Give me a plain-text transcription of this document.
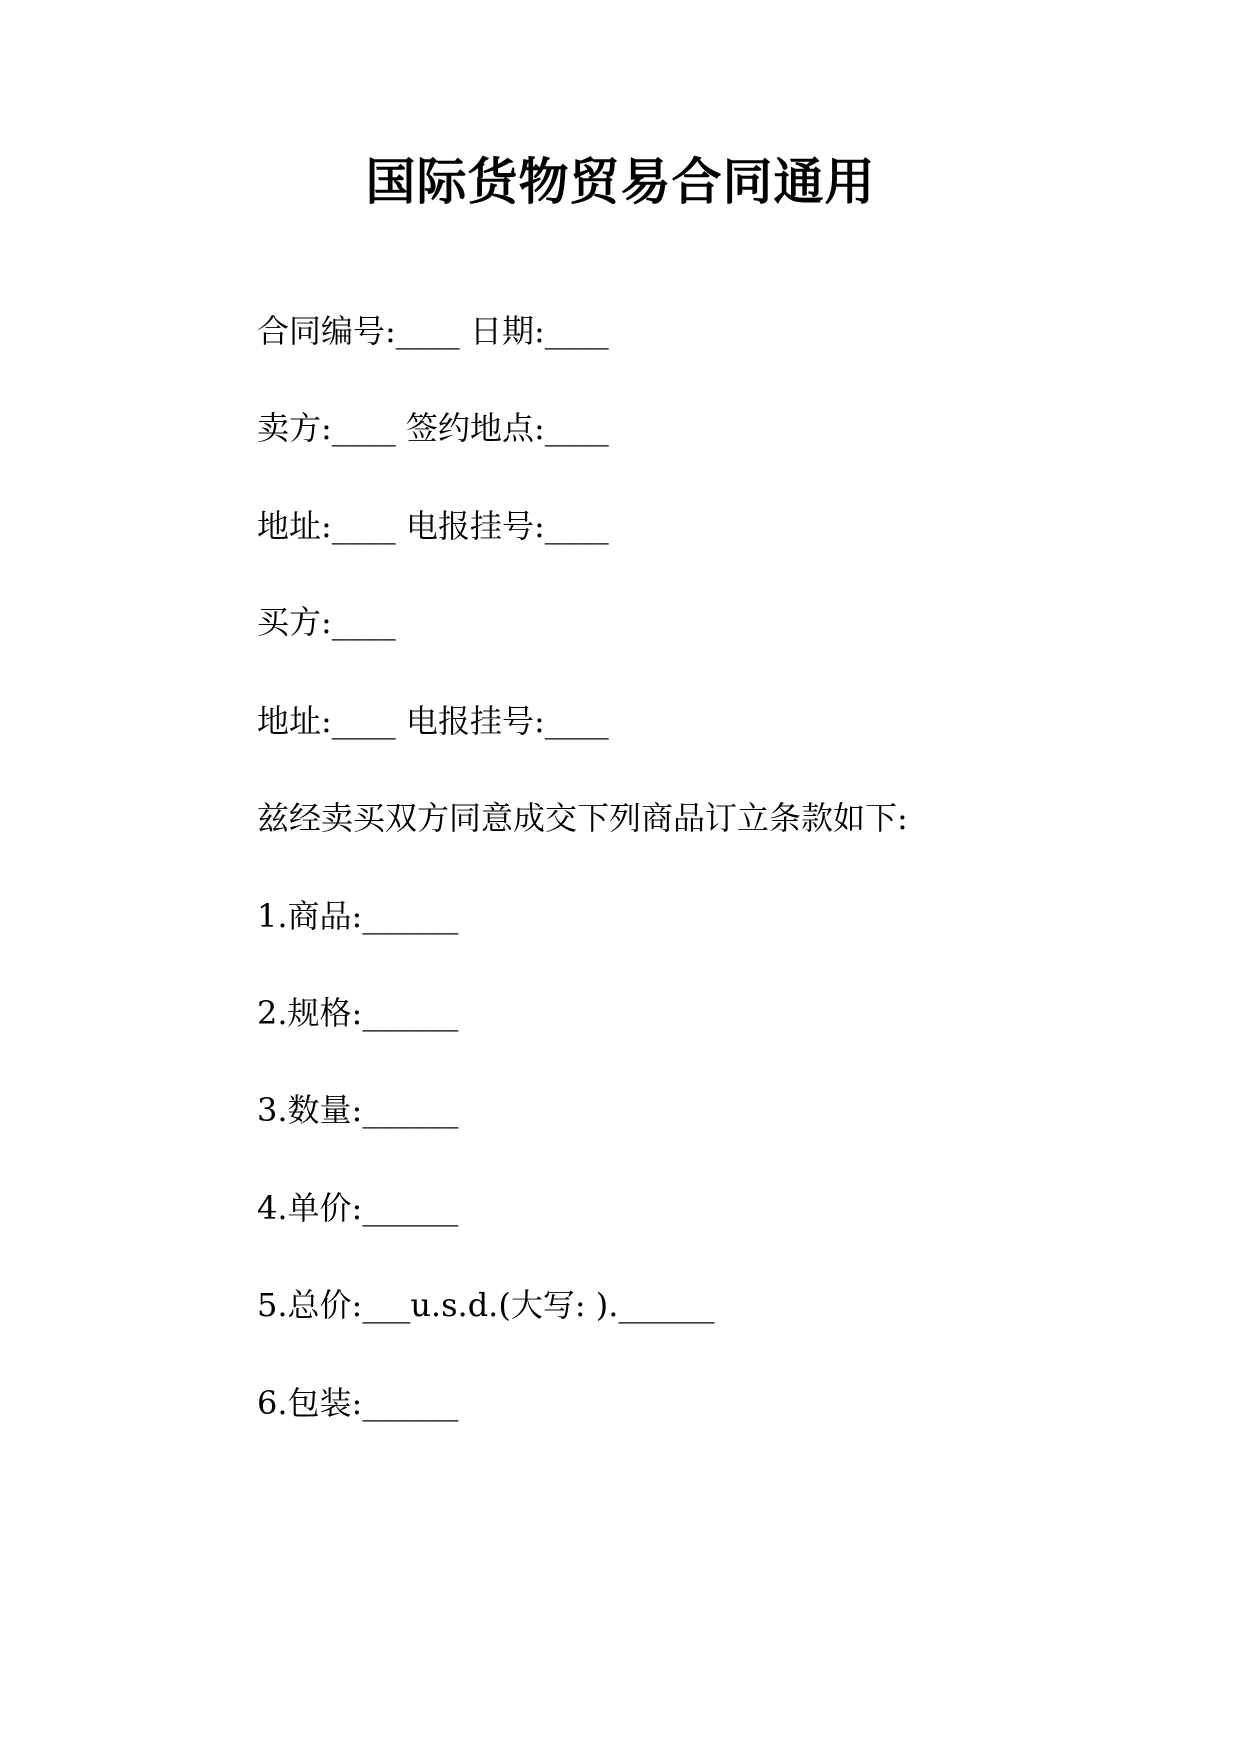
国际货物贸易合同通用
合同编号:____ 日期:____
卖方:____ 签约地点:____
地址:____ 电报挂号:____
买方:____
地址:____ 电报挂号:____
兹经卖买双方同意成交下列商品订立条款如下:
1.商品:______
2.规格:______
3.数量:______
4.单价:______
5.总价:___u.s.d.(大写: ).______
6.包装:______
